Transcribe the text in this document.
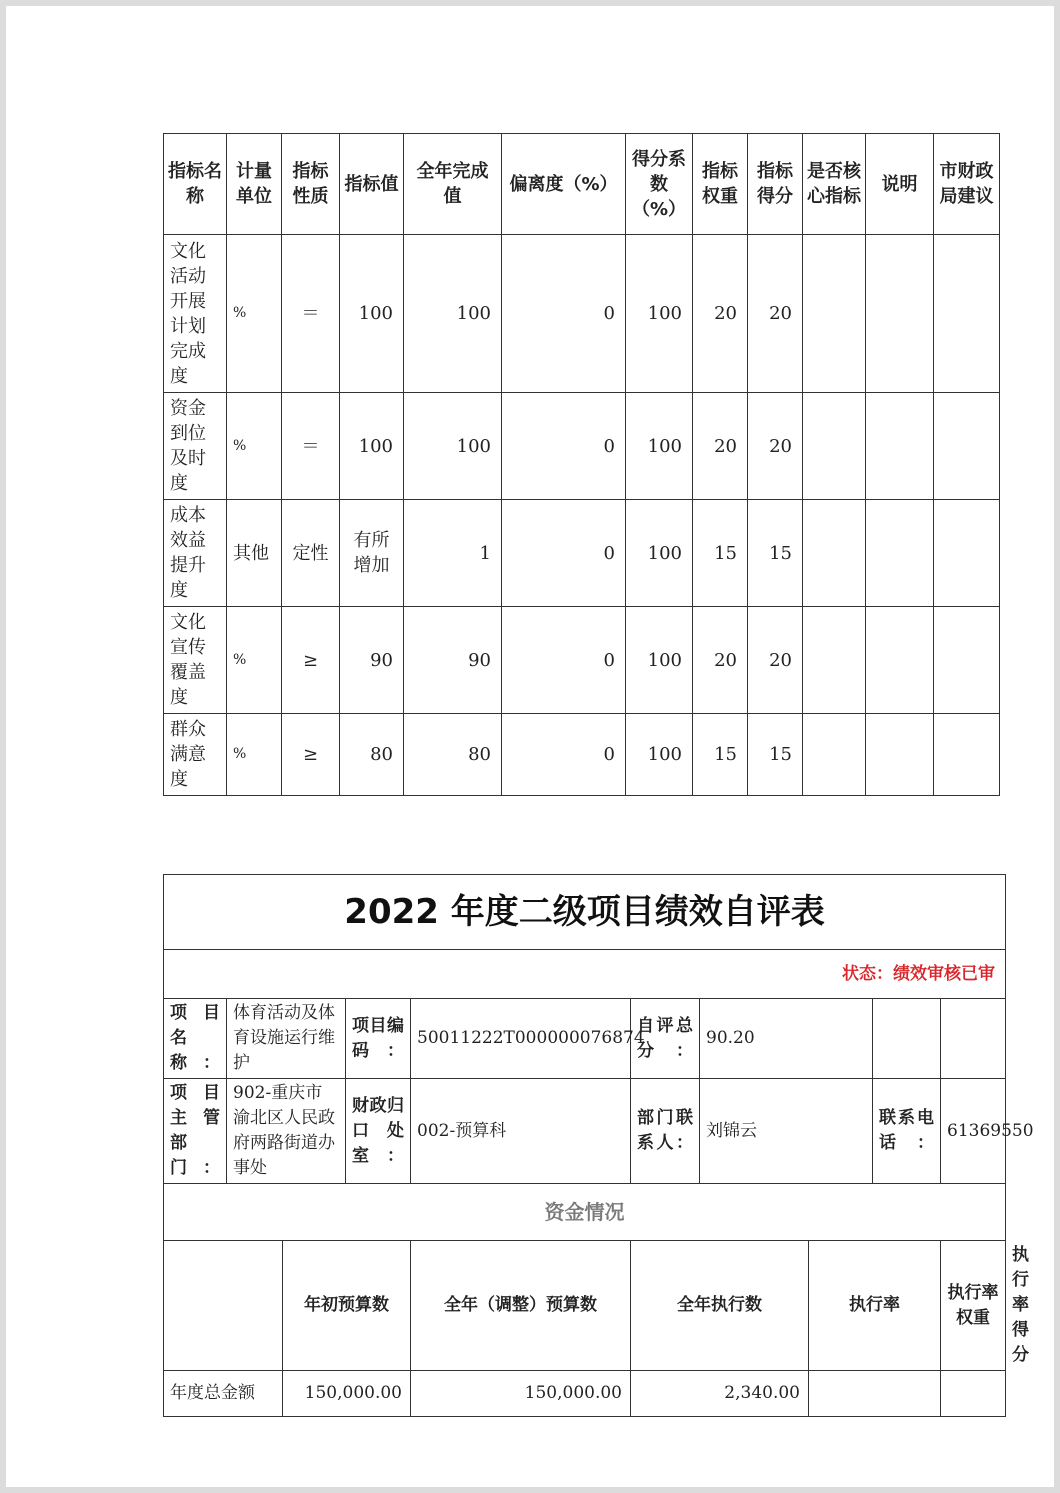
指标名称	计量单位	指标性质	指标值	全年完成值	偏离度（%）	得分系数（%）	指标权重	指标得分	是否核心指标	说明	市财政局建议
文化活动开展计划完成度	%	＝	100	100	0	100	20	20			
资金到位及时度	%	＝	100	100	0	100	20	20			
成本效益提升度	其他	定性	有所增加	1	0	100	15	15			
文化宣传覆盖度	%	≥	90	90	0	100	20	20			
群众满意度	%	≥	80	80	0	100	15	15			
2022 年度二级项目绩效自评表										
状态：绩效审核已审										
项目名称：	体育活动及体育设施运行维护		项目编码：	50011222T000000076874	自评总分：	90.20				
项目主管部门：	902-重庆市渝北区人民政府两路街道办事处		财政归口处室：	002-预算科	部门联系人：	刘锦云		联系电话：	61369550	
资金情况										
		年初预算数		全年（调整）预算数	全年执行数		执行率		执行率权重	执行率得分
年度总金额		150,000.00		150,000.00	2,340.00					
